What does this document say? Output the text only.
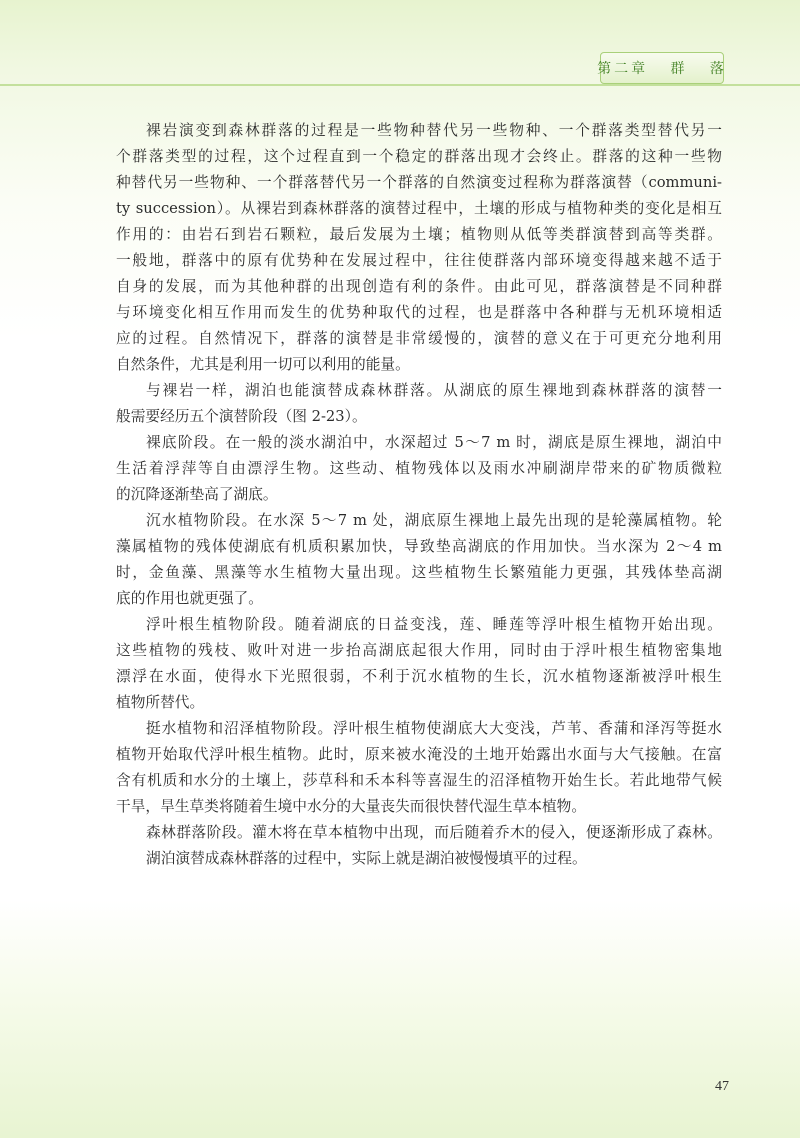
第二章   群   落
裸岩演变到森林群落的过程是一些物种替代另一些物种、一个群落类型替代另一
个群落类型的过程，这个过程直到一个稳定的群落出现才会终止。群落的这种一些物
种替代另一些物种、一个群落替代另一个群落的自然演变过程称为群落演替（communi-
ty succession）。从裸岩到森林群落的演替过程中，土壤的形成与植物种类的变化是相互
作用的：由岩石到岩石颗粒，最后发展为土壤；植物则从低等类群演替到高等类群。
一般地，群落中的原有优势种在发展过程中，往往使群落内部环境变得越来越不适于
自身的发展，而为其他种群的出现创造有利的条件。由此可见，群落演替是不同种群
与环境变化相互作用而发生的优势种取代的过程，也是群落中各种群与无机环境相适
应的过程。自然情况下，群落的演替是非常缓慢的，演替的意义在于可更充分地利用
自然条件，尤其是利用一切可以利用的能量。
与裸岩一样，湖泊也能演替成森林群落。从湖底的原生裸地到森林群落的演替一
般需要经历五个演替阶段（图 2-23）。
裸底阶段。在一般的淡水湖泊中，水深超过 5～7 m 时，湖底是原生裸地，湖泊中
生活着浮萍等自由漂浮生物。这些动、植物残体以及雨水冲刷湖岸带来的矿物质微粒
的沉降逐渐垫高了湖底。
沉水植物阶段。在水深 5～7 m 处，湖底原生裸地上最先出现的是轮藻属植物。轮
藻属植物的残体使湖底有机质积累加快，导致垫高湖底的作用加快。当水深为 2～4 m
时，金鱼藻、黑藻等水生植物大量出现。这些植物生长繁殖能力更强，其残体垫高湖
底的作用也就更强了。
浮叶根生植物阶段。随着湖底的日益变浅，莲、睡莲等浮叶根生植物开始出现。
这些植物的残枝、败叶对进一步抬高湖底起很大作用，同时由于浮叶根生植物密集地
漂浮在水面，使得水下光照很弱，不利于沉水植物的生长，沉水植物逐渐被浮叶根生
植物所替代。
挺水植物和沼泽植物阶段。浮叶根生植物使湖底大大变浅，芦苇、香蒲和泽泻等挺水
植物开始取代浮叶根生植物。此时，原来被水淹没的土地开始露出水面与大气接触。在富
含有机质和水分的土壤上，莎草科和禾本科等喜湿生的沼泽植物开始生长。若此地带气候
干旱，旱生草类将随着生境中水分的大量丧失而很快替代湿生草本植物。
森林群落阶段。灌木将在草本植物中出现，而后随着乔木的侵入，便逐渐形成了森林。
湖泊演替成森林群落的过程中，实际上就是湖泊被慢慢填平的过程。
47
